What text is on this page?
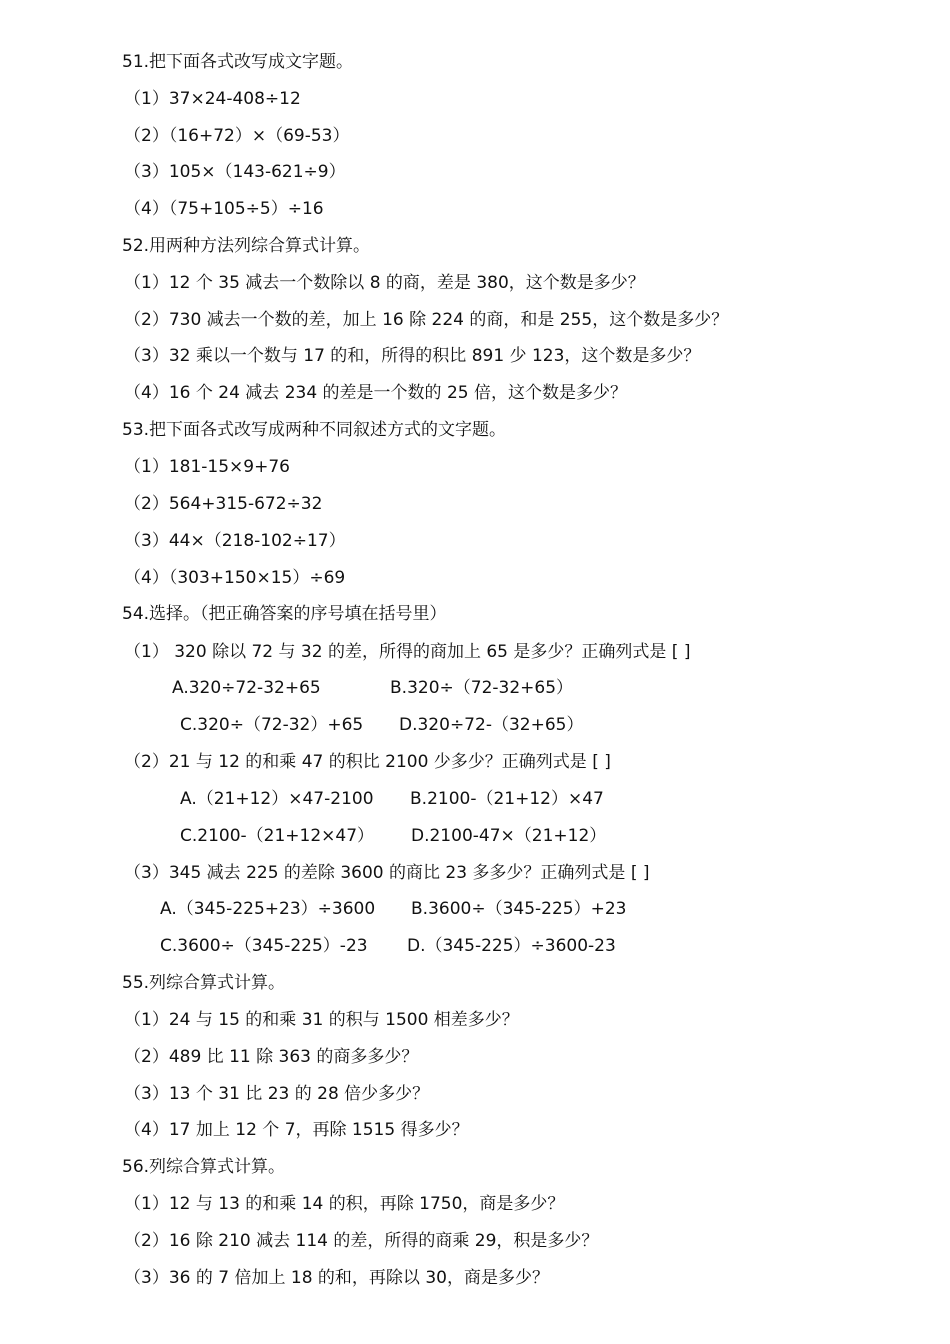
51.把下面各式改写成文字题。
（1）37×24-408÷12
（2）（16+72）×（69-53）
（3）105×（143-621÷9）
（4）（75+105÷5）÷16
52.用两种方法列综合算式计算。
（1）12 个 35 减去一个数除以 8 的商，差是 380，这个数是多少？
（2）730 减去一个数的差，加上 16 除 224 的商，和是 255，这个数是多少？
（3）32 乘以一个数与 17 的和，所得的积比 891 少 123，这个数是多少？
（4）16 个 24 减去 234 的差是一个数的 25 倍，这个数是多少？
53.把下面各式改写成两种不同叙述方式的文字题。
（1）181-15×9+76
（2）564+315-672÷32
（3）44×（218-102÷17）
（4）（303+150×15）÷69
54.选择。（把正确答案的序号填在括号里）
（1） 320 除以 72 与 32 的差，所得的商加上 65 是多少？正确列式是 [ ]
A.320÷72-32+65	B.320÷（72-32+65）
C.320÷（72-32）+65 D.320÷72-（32+65）
（2）21 与 12 的和乘 47 的积比 2100 少多少？正确列式是 [ ]
A.（21+12）×47-2100 B.2100-（21+12）×47
C.2100-（21+12×47） D.2100-47×（21+12）
（3）345 减去 225 的差除 3600 的商比 23 多多少？正确列式是 [ ]
A.（345-225+23）÷3600 B.3600÷（345-225）+23
C.3600÷（345-225）-23 D.（345-225）÷3600-23
55.列综合算式计算。
（1）24 与 15 的和乘 31 的积与 1500 相差多少？
（2）489 比 11 除 363 的商多多少？
（3）13 个 31 比 23 的 28 倍少多少？
（4）17 加上 12 个 7，再除 1515 得多少？
56.列综合算式计算。
（1）12 与 13 的和乘 14 的积，再除 1750，商是多少？
（2）16 除 210 减去 114 的差，所得的商乘 29，积是多少？
（3）36 的 7 倍加上 18 的和，再除以 30，商是多少？
